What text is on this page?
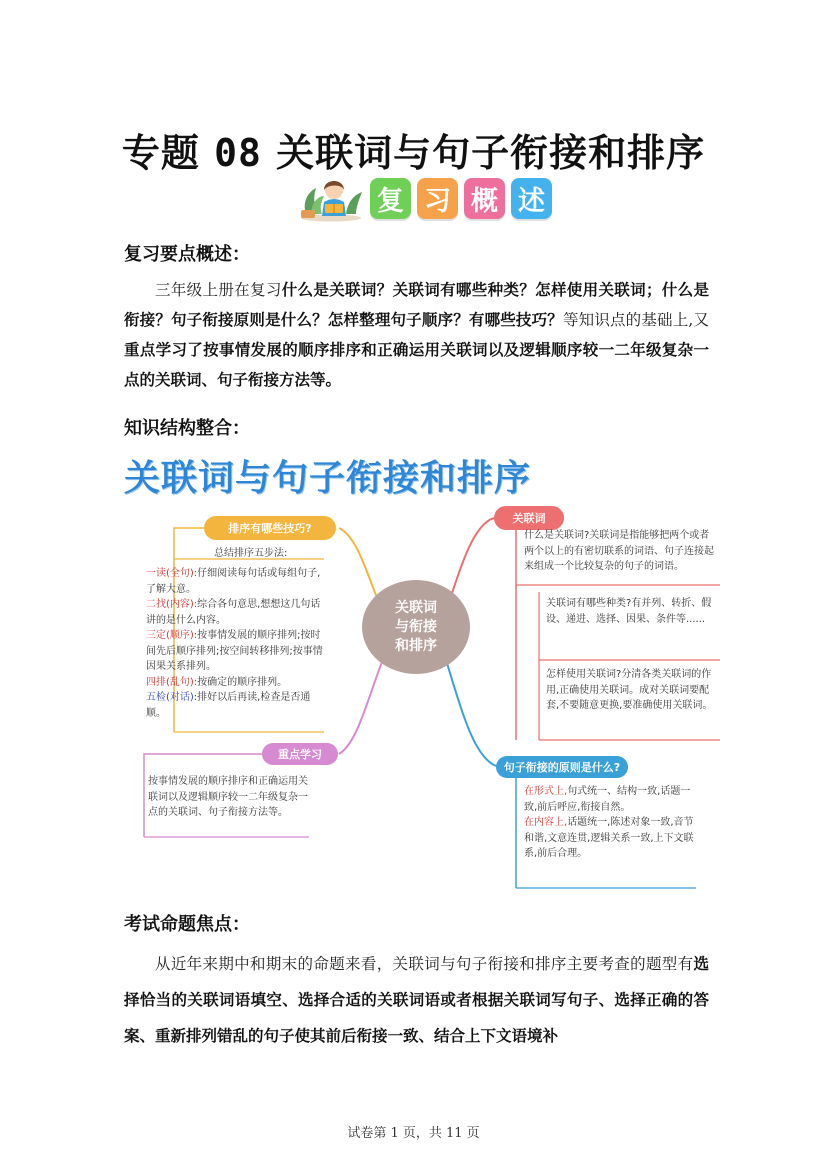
专题 08 关联词与句子衔接和排序
复 习 概 述
复习要点概述：
三年级上册在复习什么是关联词？关联词有哪些种类？怎样使用关联词；什么是衔接？句子衔接原则是什么？怎样整理句子顺序？有哪些技巧？等知识点的基础上,又重点学习了按事情发展的顺序排序和正确运用关联词以及逻辑顺序较一二年级复杂一点的关联词、句子衔接方法等。
知识结构整合：
关联词与句子衔接和排序
关联词
与衔接
和排序
排序有哪些技巧?
重点学习
关联词
句子衔接的原则是什么?
总结排序五步法:
一读(全句):仔细阅读每句话或每组句子,了解大意。
二找(内容):综合各句意思,想想这几句话讲的是什么内容。
三定(顺序):按事情发展的顺序排列;按时间先后顺序排列;按空间转移排列;按事情因果关系排列。
四排(乱句):按确定的顺序排列。
五检(对话):排好以后再读,检查是否通顺。
按事情发展的顺序排序和正确运用关联词以及逻辑顺序较一二年级复杂一点的关联词、句子衔接方法等。
什么是关联词?关联词是指能够把两个或者两个以上的有密切联系的词语、句子连接起来组成一个比较复杂的句子的词语。
关联词有哪些种类?有并列、转折、假设、递进、选择、因果、条件等......
怎样使用关联词?分清各类关联词的作用,正确使用关联词。成对关联词要配套,不要随意更换,要准确使用关联词。
在形式上,句式统一、结构一致,话题一致,前后呼应,衔接自然。
在内容上,话题统一,陈述对象一致,音节和谐,文意连贯,逻辑关系一致,上下文联系,前后合理。
考试命题焦点：
从近年来期中和期末的命题来看，关联词与句子衔接和排序主要考查的题型有选择恰当的关联词语填空、选择合适的关联词语或者根据关联词写句子、选择正确的答案、重新排列错乱的句子使其前后衔接一致、结合上下文语境补
试卷第 1 页，共 11 页
